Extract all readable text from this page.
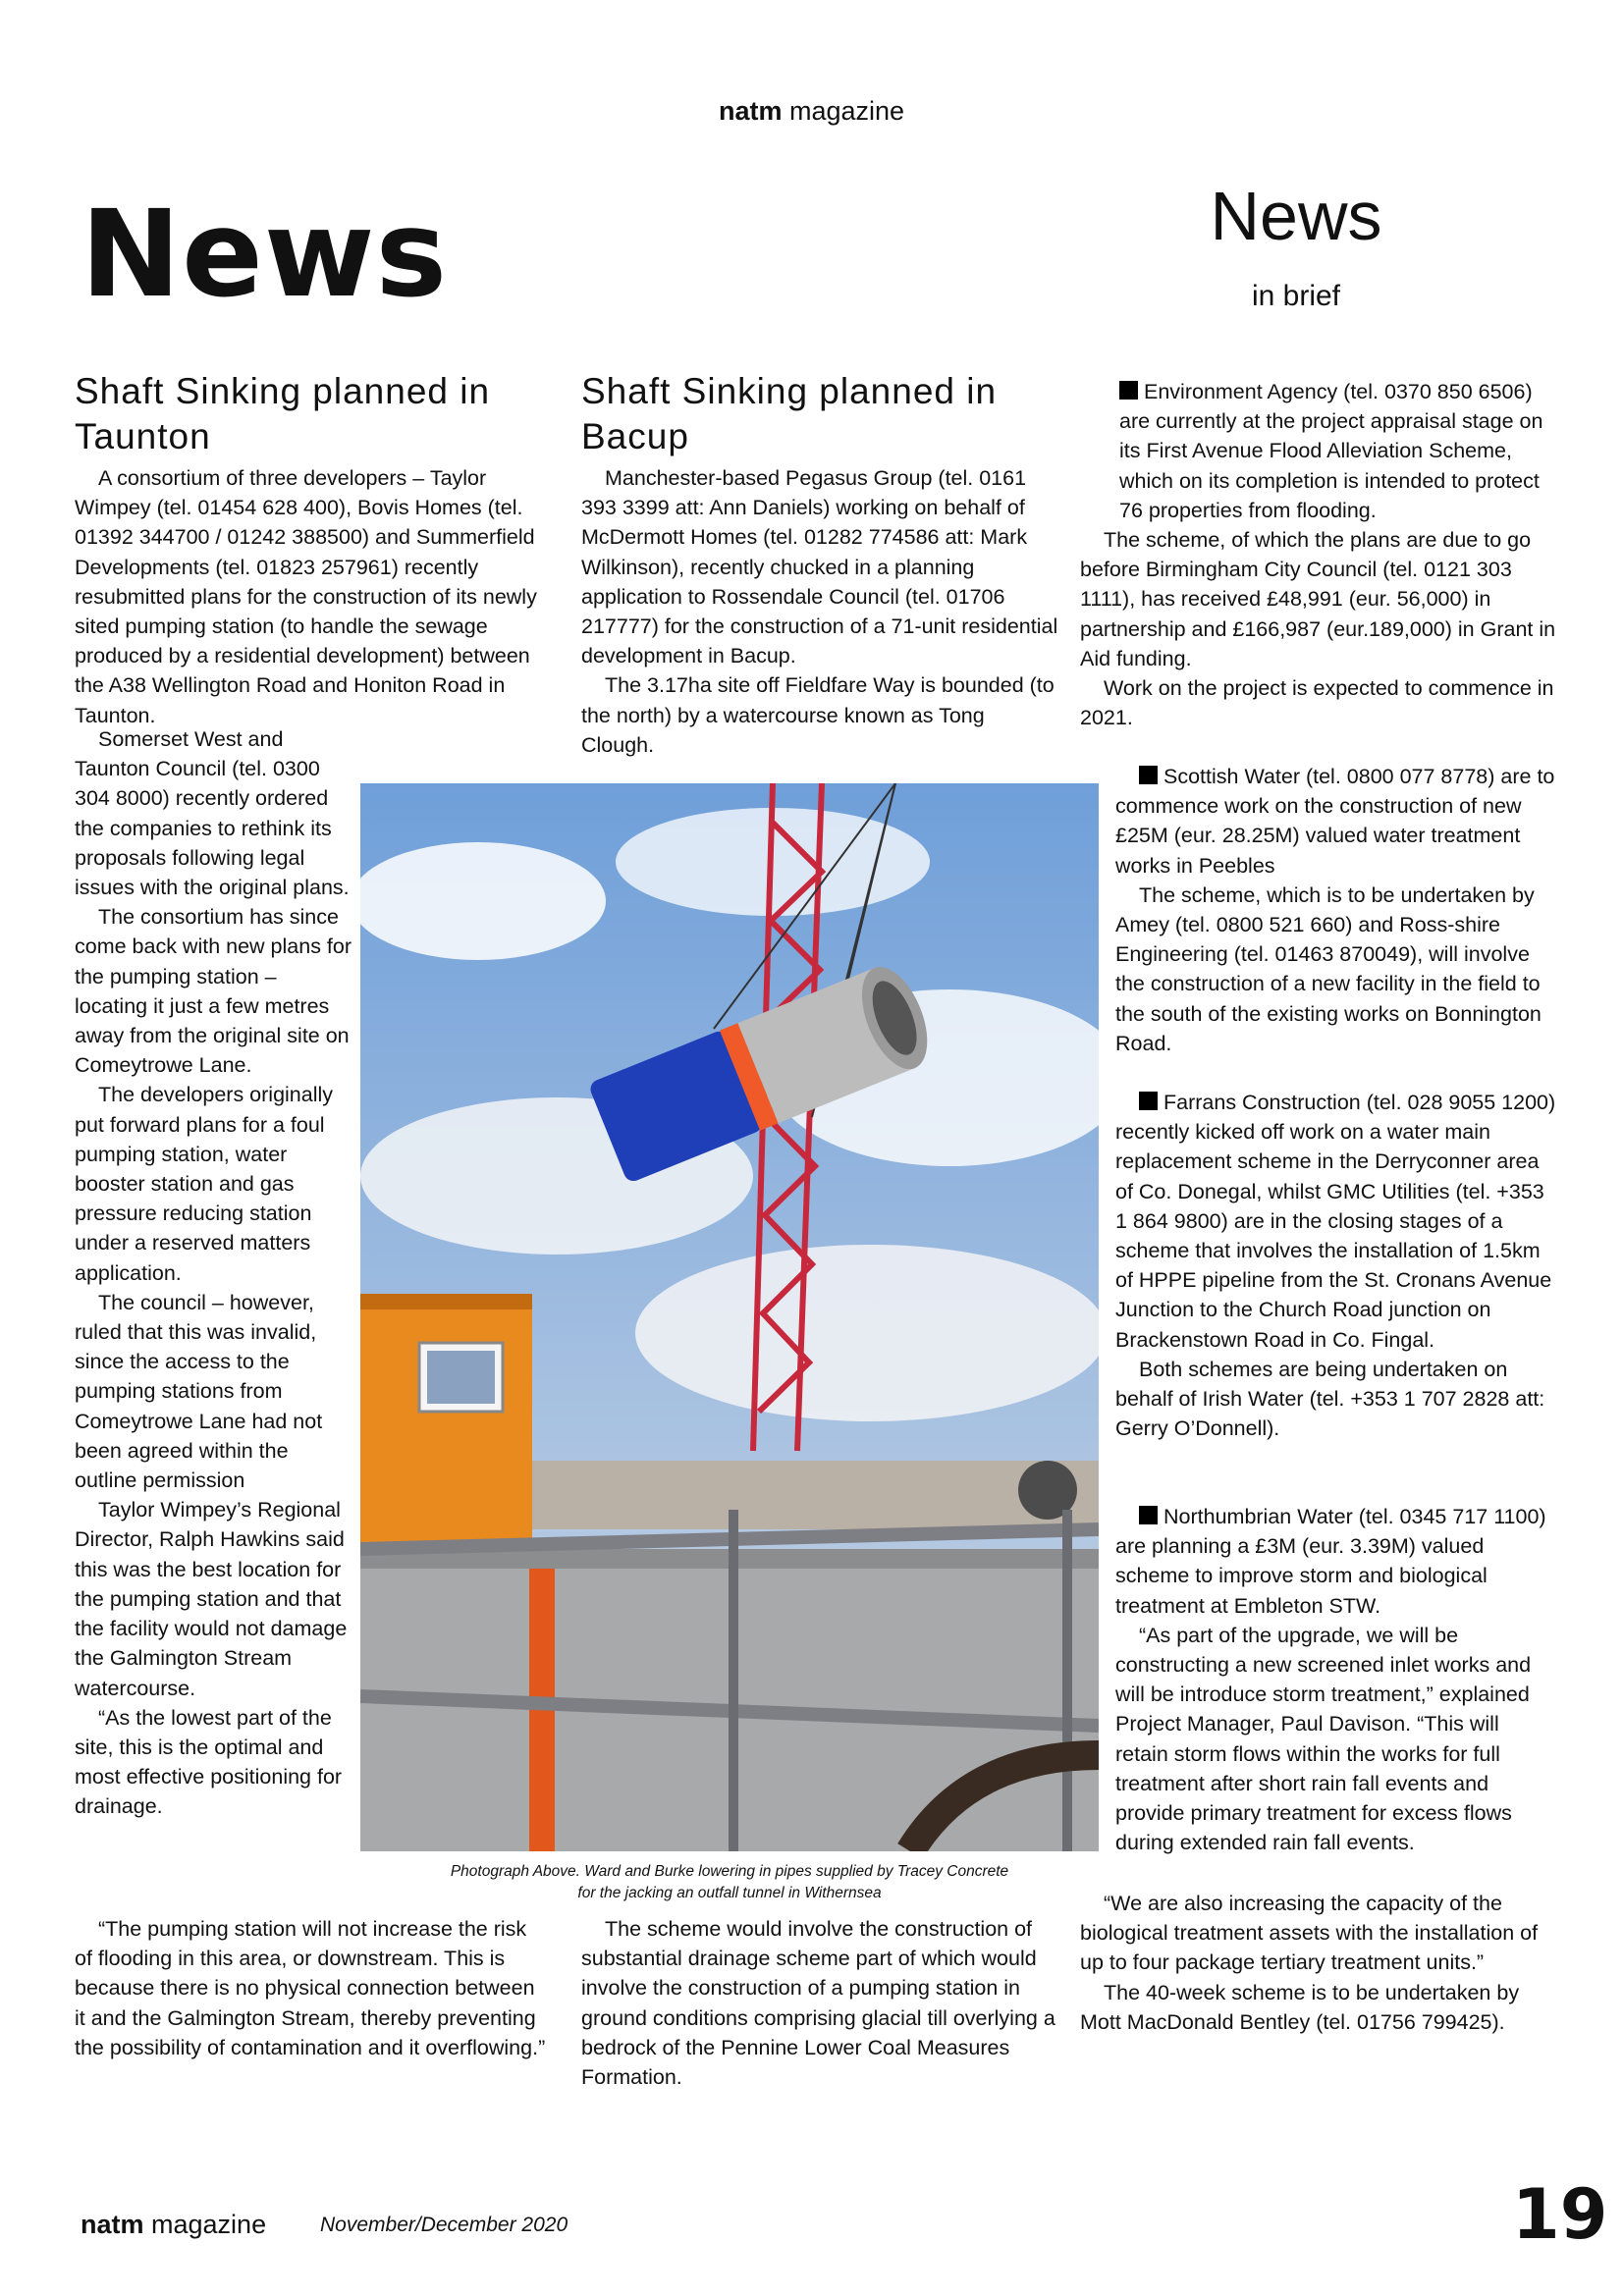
natm magazine
News	News
in brief
Shaft Sinking planned in Taunton

A consortium of three developers – Taylor Wimpey (tel. 01454 628 400), Bovis Homes (tel. 01392 344700 / 01242 388500) and Summerfield Developments (tel. 01823 257961) recently resubmitted plans for the construction of its newly sited pumping station (to handle the sewage produced by a residential development) between the A38 Wellington Road and Honiton Road in Taunton.

Somerset West and Taunton Council (tel. 0300 304 8000) recently ordered the companies to rethink its proposals following legal issues with the original plans.

The consortium has since come back with new plans for the pumping station – locating it just a few metres away from the original site on Comeytrowe Lane.

The developers originally put forward plans for a foul pumping station, water booster station and gas pressure reducing station under a reserved matters application.

The council – however, ruled that this was invalid, since the access to the pumping stations from Comeytrowe Lane had not been agreed within the outline permission

Taylor Wimpey’s Regional Director, Ralph Hawkins said this was the best location for the pumping station and that the facility would not damage the Galmington Stream watercourse.

“As the lowest part of the site, this is the optimal and most effective positioning for drainage.

“The pumping station will not increase the risk of flooding in this area, or downstream. This is because there is no physical connection between it and the Galmington Stream, thereby preventing the possibility of contamination and it overflowing.”

Shaft Sinking planned in Bacup

Manchester-based Pegasus Group (tel. 0161 393 3399 att: Ann Daniels) working on behalf of McDermott Homes (tel. 01282 774586 att: Mark Wilkinson), recently chucked in a planning application to Rossendale Council (tel. 01706 217777) for the construction of a 71-unit residential development in Bacup.

The 3.17ha site off Fieldfare Way is bounded (to the north) by a watercourse known as Tong Clough.

The scheme would involve the construction of substantial drainage scheme part of which would involve the construction of a pumping station in ground conditions comprising glacial till overlying a bedrock of the Pennine Lower Coal Measures Formation.

Environment Agency (tel. 0370 850 6506) are currently at the project appraisal stage on its First Avenue Flood Alleviation Scheme, which on its completion is intended to protect 76 properties from flooding.

The scheme, of which the plans are due to go before Birmingham City Council (tel. 0121 303 1111), has received £48,991 (eur. 56,000) in partnership and £166,987 (eur.189,000) in Grant in Aid funding.

Work on the project is expected to commence in 2021.

Scottish Water (tel. 0800 077 8778) are to commence work on the construction of new £25M (eur. 28.25M) valued water treatment works in Peebles

The scheme, which is to be undertaken by Amey (tel. 0800 521 660) and Ross-shire Engineering (tel. 01463 870049), will involve the construction of a new facility in the field to the south of the existing works on Bonnington Road.

Farrans Construction (tel. 028 9055 1200) recently kicked off work on a water main replacement scheme in the Derryconner area of Co. Donegal, whilst GMC Utilities (tel. +353 1 864 9800) are in the closing stages of a scheme that involves the installation of 1.5km of HPPE pipeline from the St. Cronans Avenue Junction to the Church Road junction on Brackenstown Road in Co. Fingal.

Both schemes are being undertaken on behalf of Irish Water (tel. +353 1 707 2828 att: Gerry O’Donnell).

Northumbrian Water (tel. 0345 717 1100) are planning a £3M (eur. 3.39M) valued scheme to improve storm and biological treatment at Embleton STW.

“As part of the upgrade, we will be constructing a new screened inlet works and will be introduce storm treatment,” explained Project Manager, Paul Davison. “This will retain storm flows within the works for full treatment after short rain fall events and provide primary treatment for excess flows during extended rain fall events.

“We are also increasing the capacity of the biological treatment assets with the installation of up to four package tertiary treatment units.”

The 40-week scheme is to be undertaken by Mott MacDonald Bentley (tel. 01756 799425).

Photograph Above. Ward and Burke lowering in pipes supplied by Tracey Concrete
for the jacking an outfall tunnel in Withernsea
natm magazine	November/December 2020	19
